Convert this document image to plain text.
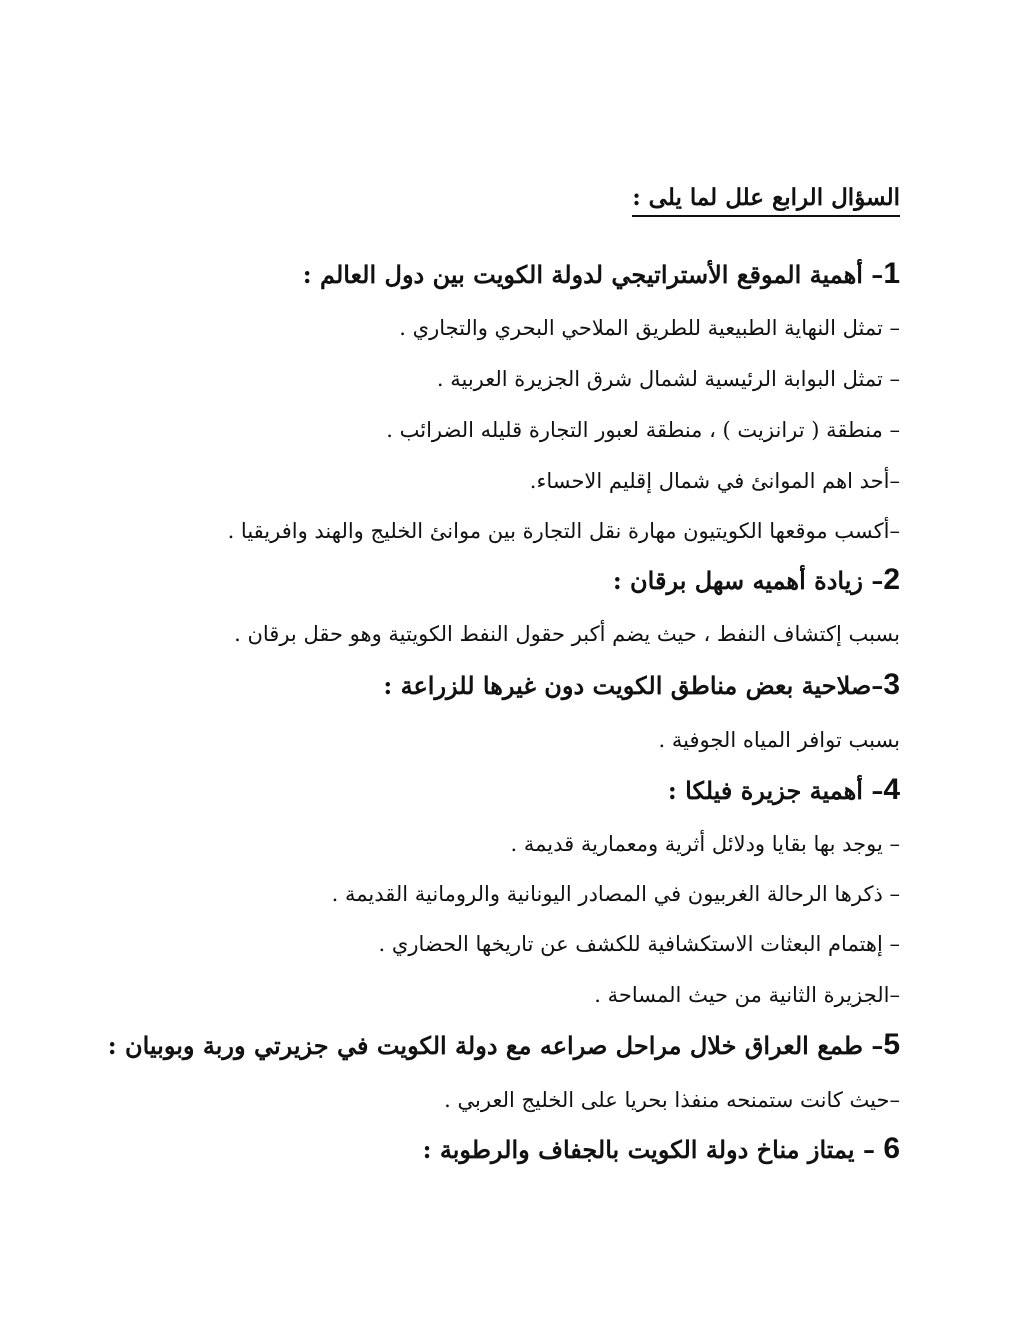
السؤال الرابع علل لما يلى :
1– أهمية الموقع الأستراتيجي لدولة الكويت بين دول العالم :
– تمثل النهاية الطبيعية للطريق الملاحي البحري والتجاري .
– تمثل البوابة الرئيسية لشمال شرق الجزيرة العربية .
– منطقة ( ترانزيت ) ، منطقة لعبور التجارة قليله الضرائب .
–أحد اهم الموانئ في شمال إقليم الاحساء.
–أكسب موقعها الكويتيون مهارة نقل التجارة بين موانئ الخليج والهند وافريقيا .
2– زيادة أهميه سهل برقان :
بسبب إكتشاف النفط ، حيث يضم أكبر حقول النفط الكويتية وهو حقل برقان .
3–صلاحية بعض مناطق الكويت دون غيرها للزراعة :
بسبب توافر المياه الجوفية .
4– أهمية جزيرة فيلكا :
– يوجد بها بقايا ودلائل أثرية ومعمارية قديمة .
– ذكرها الرحالة الغربيون في المصادر اليونانية والرومانية القديمة .
– إهتمام البعثات الاستكشافية للكشف عن تاريخها الحضاري .
–الجزيرة الثانية من حيث المساحة .
5– طمع العراق خلال مراحل صراعه مع دولة الكويت في جزيرتي وربة وبوبيان :
–حيث كانت ستمنحه منفذا بحريا على الخليج العربي .
6 – يمتاز مناخ دولة الكويت بالجفاف والرطوبة :
